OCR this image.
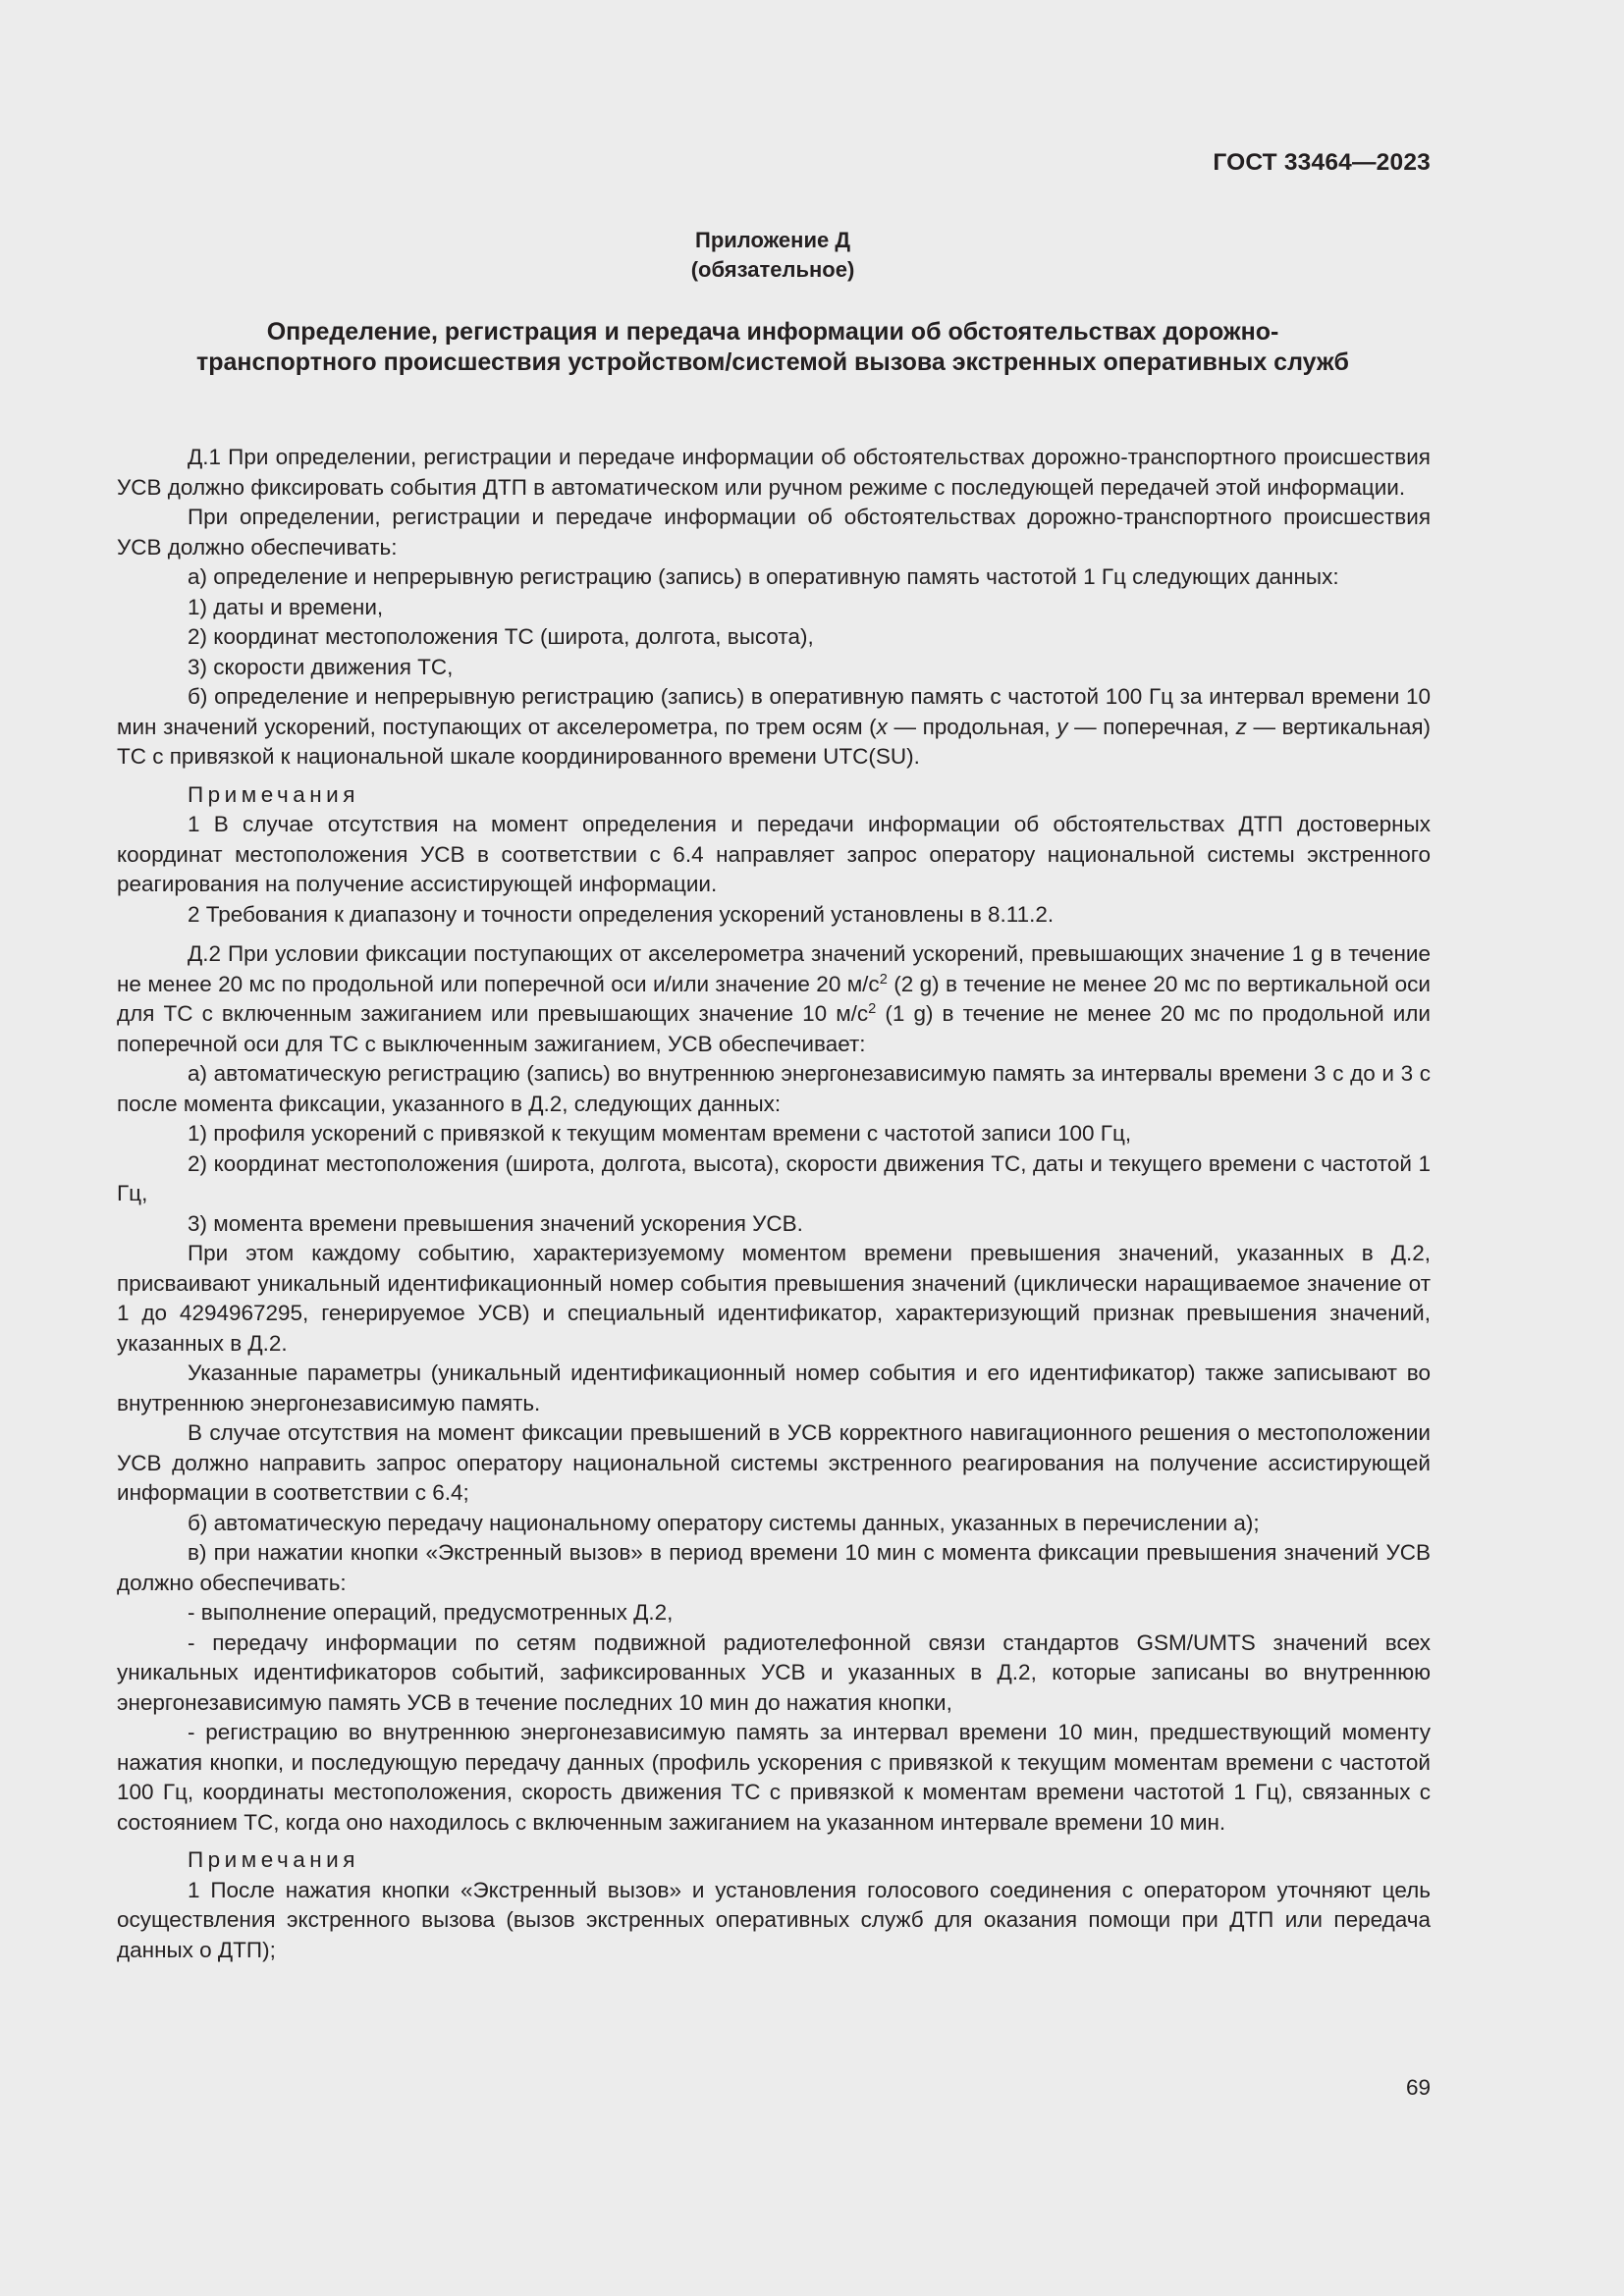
ГОСТ 33464—2023
Приложение Д
(обязательное)
Определение, регистрация и передача информации об обстоятельствах дорожно-транспортного происшествия устройством/системой вызова экстренных оперативных служб

Д.1 При определении, регистрации и передаче информации об обстоятельствах дорожно-транспортного происшествия УСВ должно фиксировать события ДТП в автоматическом или ручном режиме с последующей передачей этой информации.

При определении, регистрации и передаче информации об обстоятельствах дорожно-транспортного происшествия УСВ должно обеспечивать:

а) определение и непрерывную регистрацию (запись) в оперативную память частотой 1 Гц следующих данных:

1) даты и времени,

2) координат местоположения ТС (широта, долгота, высота),

3) скорости движения ТС,

б) определение и непрерывную регистрацию (запись) в оперативную память с частотой 100 Гц за интервал времени 10 мин значений ускорений, поступающих от акселерометра, по трем осям (x — продольная, y — поперечная, z — вертикальная) ТС с привязкой к национальной шкале координированного времени UTC(SU).

Примечания

1 В случае отсутствия на момент определения и передачи информации об обстоятельствах ДТП достоверных координат местоположения УСВ в соответствии с 6.4 направляет запрос оператору национальной системы экстренного реагирования на получение ассистирующей информации.

2 Требования к диапазону и точности определения ускорений установлены в 8.11.2.

Д.2 При условии фиксации поступающих от акселерометра значений ускорений, превышающих значение 1 g в течение не менее 20 мс по продольной или поперечной оси и/или значение 20 $м/с^2$ (2 g) в течение не менее 20 мс по вертикальной оси для ТС с включенным зажиганием или превышающих значение 10 $м/с^2$ (1 g) в течение не менее 20 мс по продольной или поперечной оси для ТС с выключенным зажиганием, УСВ обеспечивает:

а) автоматическую регистрацию (запись) во внутреннюю энергонезависимую память за интервалы времени 3 с до и 3 с после момента фиксации, указанного в Д.2, следующих данных:

1) профиля ускорений с привязкой к текущим моментам времени с частотой записи 100 Гц,

2) координат местоположения (широта, долгота, высота), скорости движения ТС, даты и текущего времени с частотой 1 Гц,

3) момента времени превышения значений ускорения УСВ.

При этом каждому событию, характеризуемому моментом времени превышения значений, указанных в Д.2, присваивают уникальный идентификационный номер события превышения значений (циклически наращиваемое значение от 1 до 4294967295, генерируемое УСВ) и специальный идентификатор, характеризующий признак превышения значений, указанных в Д.2.

Указанные параметры (уникальный идентификационный номер события и его идентификатор) также записывают во внутреннюю энергонезависимую память.

В случае отсутствия на момент фиксации превышений в УСВ корректного навигационного решения о местоположении УСВ должно направить запрос оператору национальной системы экстренного реагирования на получение ассистирующей информации в соответствии с 6.4;

б) автоматическую передачу национальному оператору системы данных, указанных в перечислении а);

в) при нажатии кнопки «Экстренный вызов» в период времени 10 мин с момента фиксации превышения значений УСВ должно обеспечивать:

- выполнение операций, предусмотренных Д.2,

- передачу информации по сетям подвижной радиотелефонной связи стандартов GSM/UMTS значений всех уникальных идентификаторов событий, зафиксированных УСВ и указанных в Д.2, которые записаны во внутреннюю энергонезависимую память УСВ в течение последних 10 мин до нажатия кнопки,

- регистрацию во внутреннюю энергонезависимую память за интервал времени 10 мин, предшествующий моменту нажатия кнопки, и последующую передачу данных (профиль ускорения с привязкой к текущим моментам времени с частотой 100 Гц, координаты местоположения, скорость движения ТС с привязкой к моментам времени частотой 1 Гц), связанных с состоянием ТС, когда оно находилось с включенным зажиганием на указанном интервале времени 10 мин.

Примечания

1 После нажатия кнопки «Экстренный вызов» и установления голосового соединения с оператором уточняют цель осуществления экстренного вызова (вызов экстренных оперативных служб для оказания помощи при ДТП или передача данных о ДТП);

69
